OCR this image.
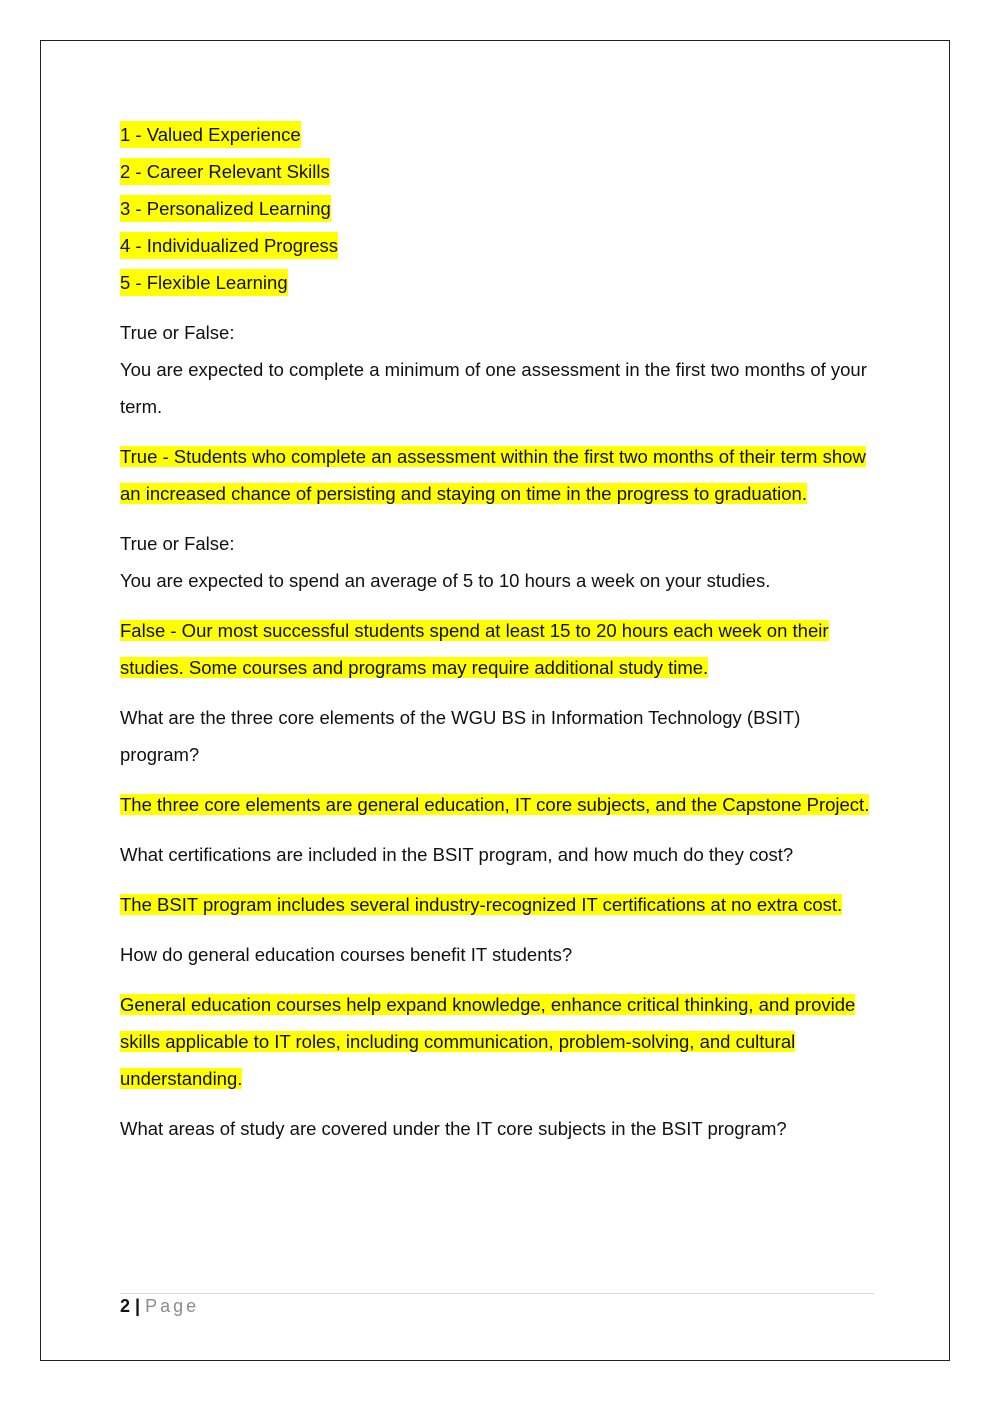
1 - Valued Experience
2 - Career Relevant Skills
3 - Personalized Learning
4 - Individualized Progress
5 - Flexible Learning

True or False:

You are expected to complete a minimum of one assessment in the first two months of your term.

True - Students who complete an assessment within the first two months of their term show an increased chance of persisting and staying on time in the progress to graduation.

True or False:

You are expected to spend an average of 5 to 10 hours a week on your studies.

False - Our most successful students spend at least 15 to 20 hours each week on their studies. Some courses and programs may require additional study time.

What are the three core elements of the WGU BS in Information Technology (BSIT) program?

The three core elements are general education, IT core subjects, and the Capstone Project.

What certifications are included in the BSIT program, and how much do they cost?

The BSIT program includes several industry-recognized IT certifications at no extra cost.

How do general education courses benefit IT students?

General education courses help expand knowledge, enhance critical thinking, and provide skills applicable to IT roles, including communication, problem-solving, and cultural understanding.

What areas of study are covered under the IT core subjects in the BSIT program?

2 | Page
